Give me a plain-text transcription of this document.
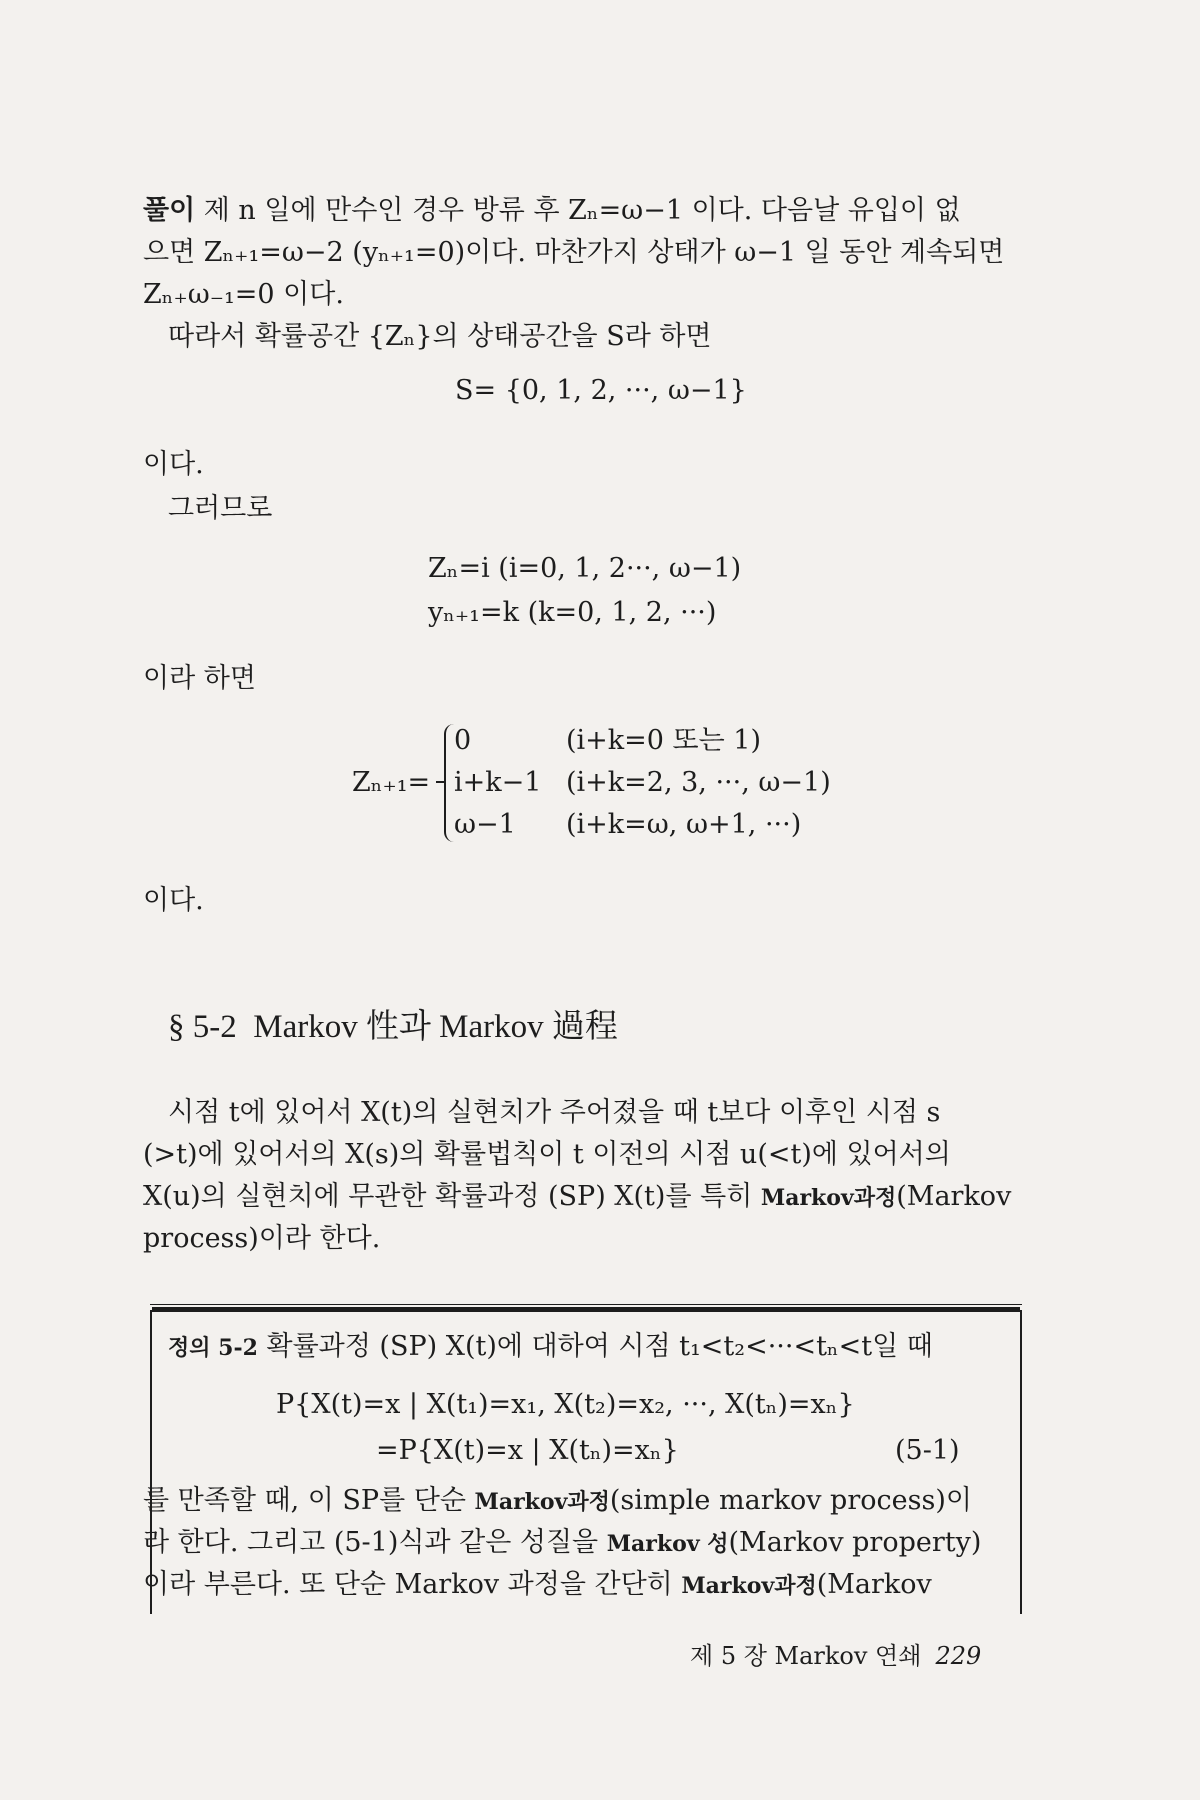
풀이 제 n 일에 만수인 경우 방류 후 Zₙ=ω−1 이다. 다음날 유입이 없
으면 Zₙ₊₁=ω−2 (yₙ₊₁=0)이다. 마찬가지 상태가 ω−1 일 동안 계속되면
Zₙ₊ω₋₁=0 이다.
따라서 확률공간 {Zₙ}의 상태공간을 S라 하면
S= {0, 1, 2, ···, ω−1}
이다.
그러므로
Zₙ=i (i=0, 1, 2···, ω−1)
yₙ₊₁=k (k=0, 1, 2, ···)
이라 하면
Zₙ₊₁=
0	(i+k=0 또는 1)
i+k−1 (i+k=2, 3, ···, ω−1)
ω−1 (i+k=ω, ω+1, ···)
이다.
§ 5-2 Markov 性과 Markov 過程
시점 t에 있어서 X(t)의 실현치가 주어졌을 때 t보다 이후인 시점 s
(>t)에 있어서의 X(s)의 확률법칙이 t 이전의 시점 u(<t)에 있어서의
X(u)의 실현치에 무관한 확률과정 (SP) X(t)를 특히 Markov과정(Markov
process)이라 한다.
정의 5-2 확률과정 (SP) X(t)에 대하여 시점 t₁<t₂<···<tₙ<t일 때
P{X(t)=x | X(t₁)=x₁, X(t₂)=x₂, ···, X(tₙ)=xₙ}
=P{X(t)=x | X(tₙ)=xₙ}	(5-1)
를 만족할 때, 이 SP를 단순 Markov과정(simple markov process)이
라 한다. 그리고 (5-1)식과 같은 성질을 Markov 성(Markov property)
이라 부른다. 또 단순 Markov 과정을 간단히 Markov과정(Markov
제 5 장 Markov 연쇄 229
